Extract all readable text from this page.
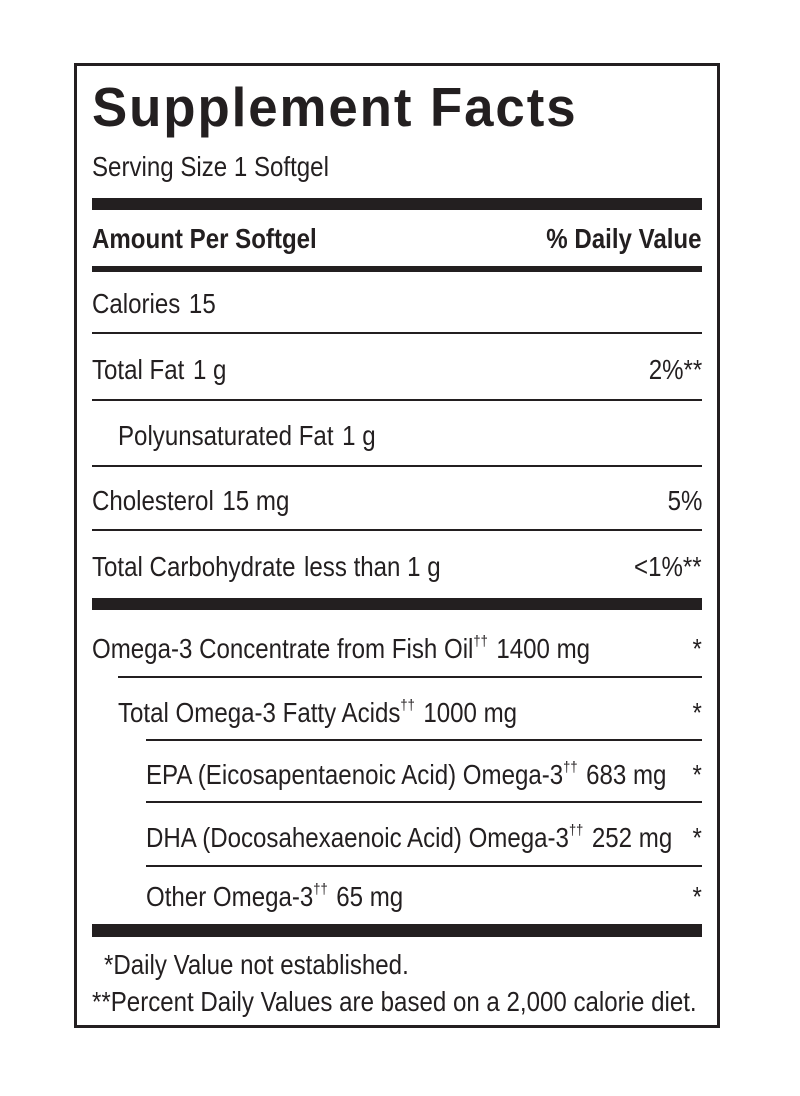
Supplement Facts
Serving Size 1 Softgel
Amount Per Softgel	% Daily Value
Calories 15
Total Fat 1 g	2%**
Polyunsaturated Fat 1 g
Cholesterol 15 mg	5%
Total Carbohydrate less than 1 g	<1%**
Omega-3 Concentrate from Fish Oil†† 1400 mg	*
Total Omega-3 Fatty Acids†† 1000 mg	*
EPA (Eicosapentaenoic Acid) Omega-3†† 683 mg *
DHA (Docosahexaenoic Acid) Omega-3†† 252 mg *
Other Omega-3†† 65 mg	*
*Daily Value not established.
**Percent Daily Values are based on a 2,000 calorie diet.
